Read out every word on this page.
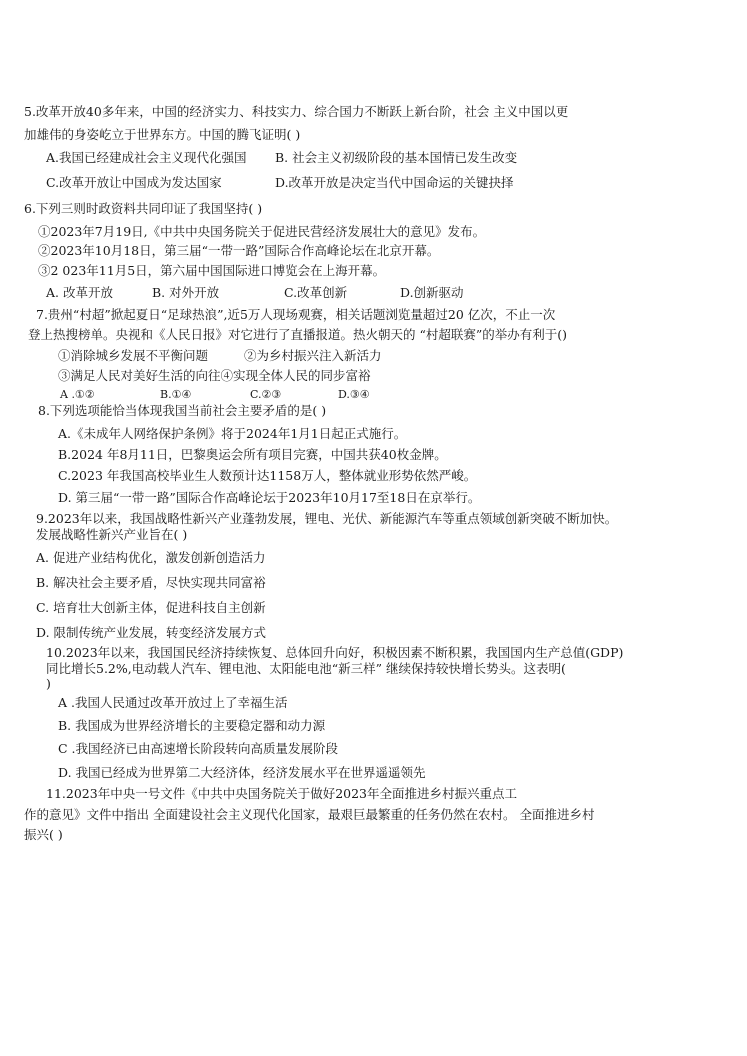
5.改革开放40多年来，中国的经济实力、科技实力、综合国力不断跃上新台阶，社会 主义中国以更
加雄伟的身姿屹立于世界东方。中国的腾飞证明( )
A.我国已经建成社会主义现代化强国 B. 社会主义初级阶段的基本国情已发生改变
C.改革开放让中国成为发达国家	D.改革开放是决定当代中国命运的关键抉择
6.下列三则时政资料共同印证了我国坚持( )
①2023年7月19日,《中共中央国务院关于促进民营经济发展壮大的意见》发布。
②2023年10月18日，第三届“一带一路”国际合作高峰论坛在北京开幕。
③2 023年11月5日，第六届中国国际进口博览会在上海开幕。
A. 改革开放	B. 对外开放	C.改革创新	D.创新驱动
7.贵州“村超”掀起夏日“足球热浪”,近5万人现场观赛，相关话题浏览量超过20 亿次，不止一次
登上热搜榜单。央视和《人民日报》对它进行了直播报道。热火朝天的 “村超联赛”的举办有利于()
①消除城乡发展不平衡问题	②为乡村振兴注入新活力
③满足人民对美好生活的向往④实现全体人民的同步富裕
A .①②	B.①④	C.②③	D.③④
8.下列选项能恰当体现我国当前社会主要矛盾的是( )
A.《未成年人网络保护条例》将于2024年1月1日起正式施行。
B.2024 年8月11日，巴黎奥运会所有项目完赛，中国共获40枚金牌。
C.2023 年我国高校毕业生人数预计达1158万人，整体就业形势依然严峻。
D. 第三届“一带一路”国际合作高峰论坛于2023年10月17至18日在京举行。
9.2023年以来，我国战略性新兴产业蓬勃发展，锂电、光伏、新能源汽车等重点领域创新突破不断加快。
发展战略性新兴产业旨在( )
A. 促进产业结构优化，激发创新创造活力
B. 解决社会主要矛盾，尽快实现共同富裕
C. 培育壮大创新主体，促进科技自主创新
D. 限制传统产业发展，转变经济发展方式
10.2023年以来，我国国民经济持续恢复、总体回升向好，积极因素不断积累，我国国内生产总值(GDP)
同比增长5.2%,电动载人汽车、锂电池、太阳能电池“新三样” 继续保持较快增长势头。这表明(
)
A .我国人民通过改革开放过上了幸福生活
B. 我国成为世界经济增长的主要稳定器和动力源
C .我国经济已由高速增长阶段转向高质量发展阶段
D. 我国已经成为世界第二大经济体，经济发展水平在世界遥遥领先
11.2023年中央一号文件《中共中央国务院关于做好2023年全面推进乡村振兴重点工
作的意见》文件中指出 全面建设社会主义现代化国家，最艰巨最繁重的任务仍然在农村。 全面推进乡村
振兴( )
